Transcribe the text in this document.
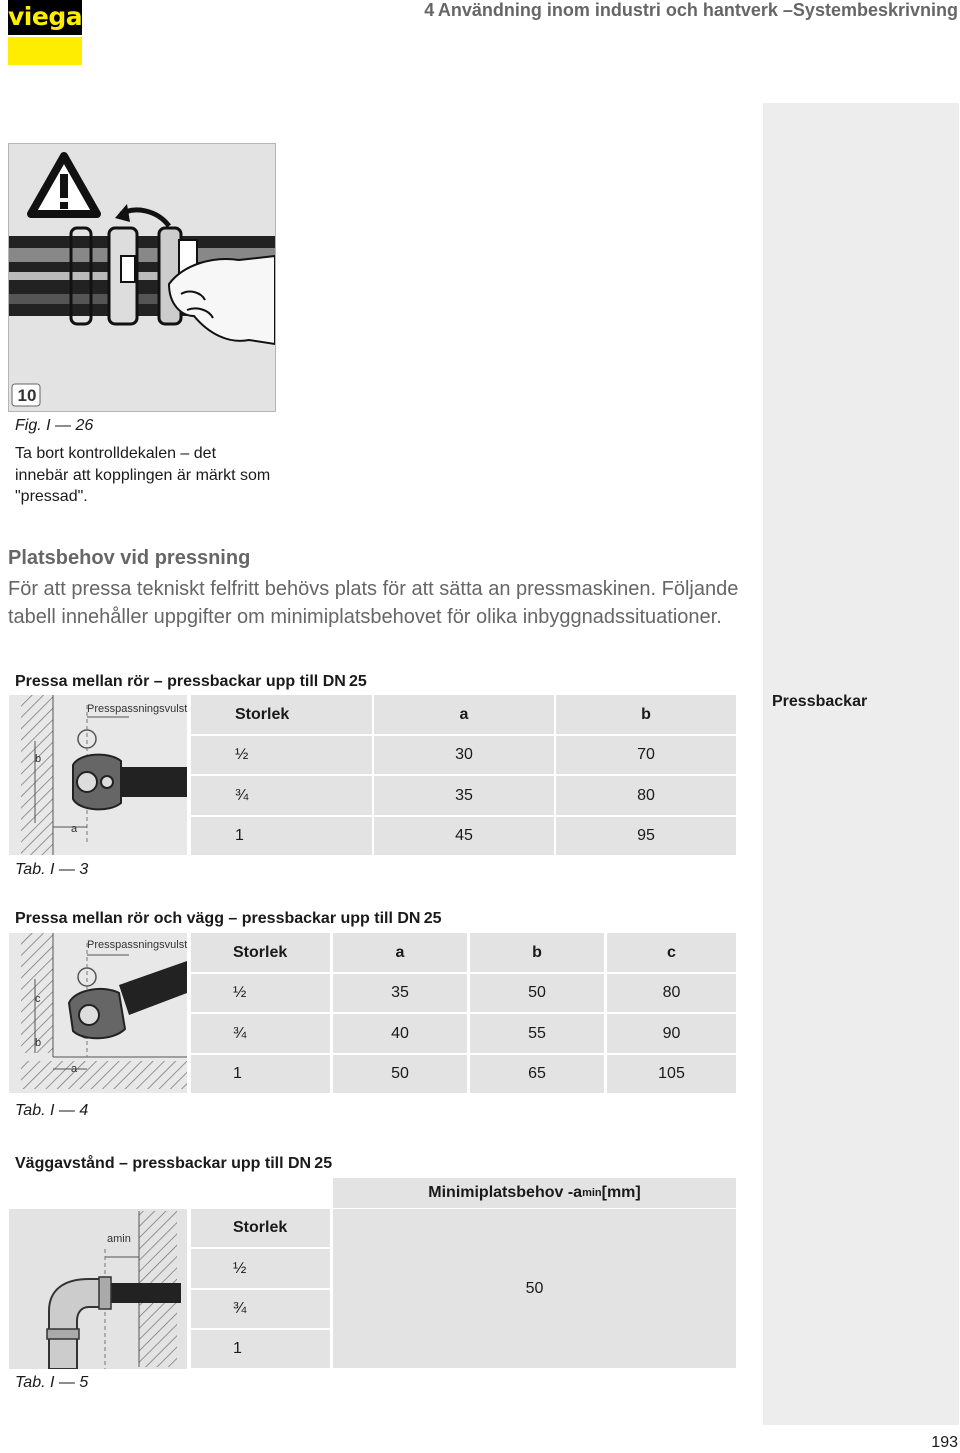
viega	4 Användning inom industri och hantverk –Systembeskrivning
Pressbackar
10
Fig. I — 26
Ta bort kontrolldekalen – det innebär att kopplingen är märkt som "pressad".
Platsbehov vid pressning
För att pressa tekniskt felfritt behövs plats för att sätta an pressmaskinen. Följande tabell innehåller uppgifter om minimiplatsbehovet för olika inbyggnadssituationer.
Pressa mellan rör – pressbackar upp till DN 25
Presspassningsvulst
b
a
Storlek	a	b
½	30	70
¾	35	80
1	45	95
Tab. I — 3
Pressa mellan rör och vägg – pressbackar upp till DN 25
Presspassningsvulst
c
b
a
Storlek	a	b	c
½	35	50	80
¾	40	55	90
1	50	65	105
Tab. I — 4
Väggavstånd – pressbackar upp till DN 25
Minimiplatsbehov -a min [mm]
amin
Storlek
½
¾
1
50
Tab. I — 5
193
